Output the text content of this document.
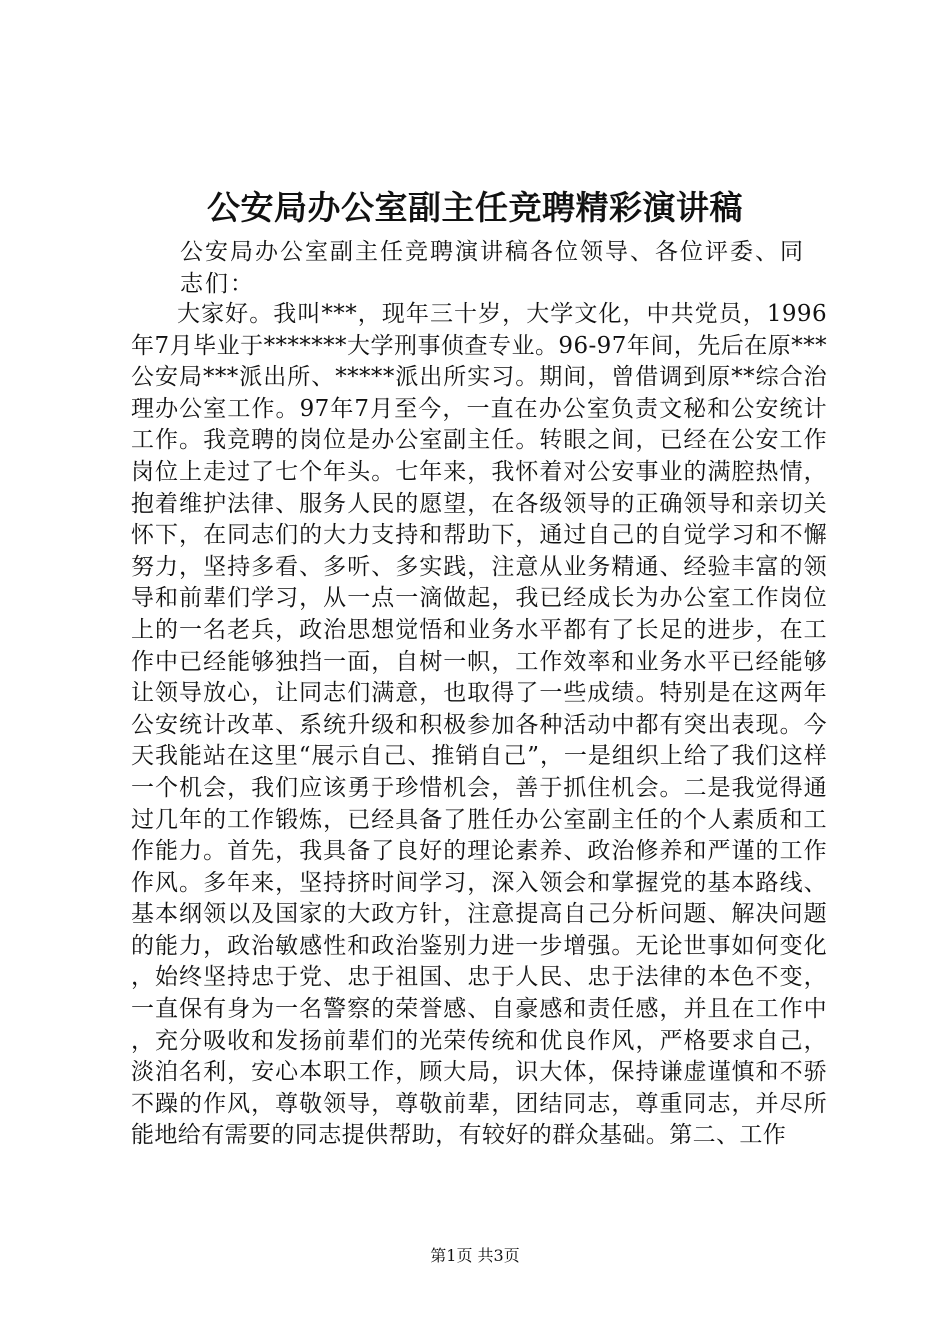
公安局办公室副主任竞聘精彩演讲稿

公安局办公室副主任竞聘演讲稿各位领导、各位评委、同志们：

大家好。我叫***，现年三十岁，大学文化，中共党员，1996年7月毕业于*******大学刑事侦查专业。96-97年间，先后在原***公安局***派出所、*****派出所实习。期间，曾借调到原**综合治理办公室工作。97年7月至今，一直在办公室负责文秘和公安统计工作。我竞聘的岗位是办公室副主任。转眼之间，已经在公安工作岗位上走过了七个年头。七年来，我怀着对公安事业的满腔热情，抱着维护法律、服务人民的愿望，在各级领导的正确领导和亲切关怀下，在同志们的大力支持和帮助下，通过自己的自觉学习和不懈努力，坚持多看、多听、多实践，注意从业务精通、经验丰富的领导和前辈们学习，从一点一滴做起，我已经成长为办公室工作岗位上的一名老兵，政治思想觉悟和业务水平都有了长足的进步，在工作中已经能够独挡一面，自树一帜，工作效率和业务水平已经能够让领导放心，让同志们满意，也取得了一些成绩。特别是在这两年公安统计改革、系统升级和积极参加各种活动中都有突出表现。今天我能站在这里“展示自己、推销自己”，一是组织上给了我们这样一个机会，我们应该勇于珍惜机会，善于抓住机会。二是我觉得通过几年的工作锻炼，已经具备了胜任办公室副主任的个人素质和工作能力。首先，我具备了良好的理论素养、政治修养和严谨的工作作风。多年来，坚持挤时间学习，深入领会和掌握党的基本路线、基本纲领以及国家的大政方针，注意提高自己分析问题、解决问题的能力，政治敏感性和政治鉴别力进一步增强。无论世事如何变化，始终坚持忠于党、忠于祖国、忠于人民、忠于法律的本色不变，一直保有身为一名警察的荣誉感、自豪感和责任感，并且在工作中，充分吸收和发扬前辈们的光荣传统和优良作风，严格要求自己，淡泊名利，安心本职工作，顾大局，识大体，保持谦虚谨慎和不骄不躁的作风，尊敬领导，尊敬前辈，团结同志，尊重同志，并尽所能地给有需要的同志提供帮助，有较好的群众基础。第二、工作

第1页 共3页
